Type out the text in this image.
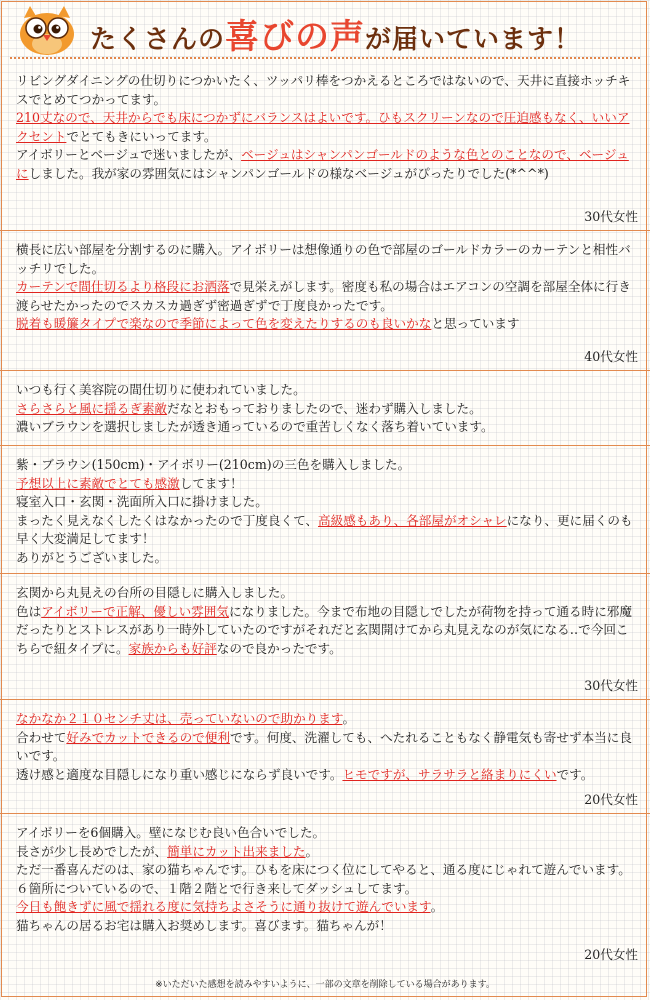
たくさんの喜びの声が届いています！

リビングダイニングの仕切りにつかいたく、ツッパリ棒をつかえるところではないので、天井に直接ホッチキスでとめてつかってます。
210丈なので、天井からでも床につかずにバランスはよいです。ひもスクリーンなので圧迫感もなく、いいアクセントでとてもきにいってます。
アイボリーとベージュで迷いましたが、ベージュはシャンパンゴールドのような色とのことなので、ベージュにしました。我が家の雰囲気にはシャンパンゴールドの様なベージュがぴったりでした(*^^*)

30代女性

横長に広い部屋を分割するのに購入。アイボリーは想像通りの色で部屋のゴールドカラーのカーテンと相性バッチリでした。
カーテンで間仕切るより格段にお洒落で見栄えがします。密度も私の場合はエアコンの空調を部屋全体に行き渡らせたかったのでスカスカ過ぎず密過ぎずで丁度良かったです。
脱着も暖簾タイプで楽なので季節によって色を変えたりするのも良いかなと思っています

40代女性

いつも行く美容院の間仕切りに使われていました。
さらさらと風に揺るぎ素敵だなとおもっておりましたので、迷わず購入しました。
濃いブラウンを選択しましたが透き通っているので重苦しくなく落ち着いています。

紫・ブラウン(150cm)・アイボリー(210cm)の三色を購入しました。
予想以上に素敵でとても感激してます！
寝室入口・玄関・洗面所入口に掛けました。
まったく見えなくしたくはなかったので丁度良くて、高級感もあり、各部屋がオシャレになり、更に届くのも早く大変満足してます！
ありがとうございました。

玄関から丸見えの台所の目隠しに購入しました。
色はアイボリーで正解、優しい雰囲気になりました。今まで布地の目隠しでしたが荷物を持って通る時に邪魔だったりとストレスがあり一時外していたのですがそれだと玄関開けてから丸見えなのが気になる‥で今回こちらで紐タイプに。家族からも好評なので良かったです。

30代女性

なかなか２１０センチ丈は、売っていないので助かります。
合わせて好みでカットできるので便利です。何度、洗濯しても、へたれることもなく静電気も寄せず本当に良いです。
透け感と適度な目隠しになり重い感じにならず良いです。ヒモですが、サラサラと絡まりにくいです。

20代女性

アイボリーを6個購入。壁になじむ良い色合いでした。
長さが少し長めでしたが、簡単にカット出来ました。
ただ一番喜んだのは、家の猫ちゃんです。ひもを床につく位にしてやると、通る度にじゃれて遊んでいます。
６箇所についているので、１階２階とで行き来してダッシュしてます。
今日も飽きずに風で揺れる度に気持ちよさそうに通り抜けて遊んでいます。
猫ちゃんの居るお宅は購入お奨めします。喜びます。猫ちゃんが！

20代女性
※いただいた感想を読みやすいように、一部の文章を削除している場合があります。
